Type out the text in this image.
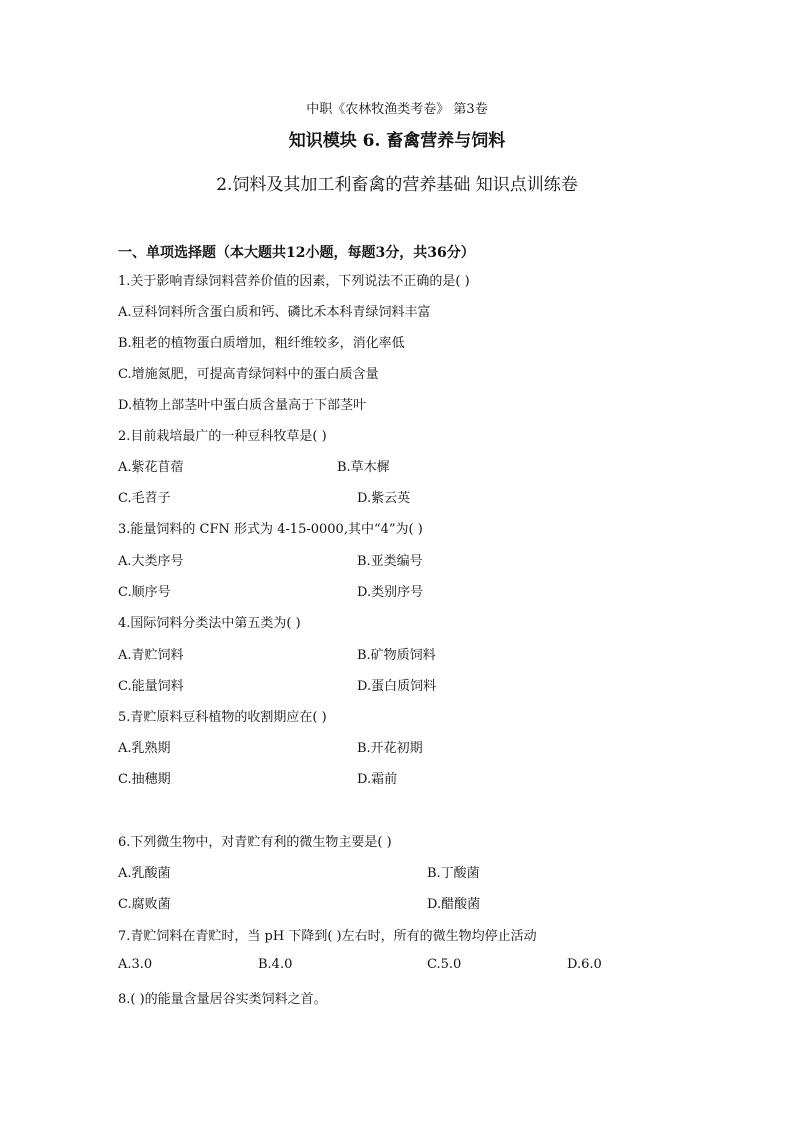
中职《农林牧渔类考卷》 第3卷
知识模块 6. 畜禽营养与饲料
2.饲料及其加工利畜禽的营养基础 知识点训练卷
一、单项选择题（本大题共12小题，每题3分，共36分）
1.关于影响青绿饲料营养价值的因素，下列说法不正确的是( )
A.豆科饲料所含蛋白质和钙、磷比禾本科青绿饲料丰富
B.粗老的植物蛋白质增加，粗纤维较多，消化率低
C.增施氮肥，可提高青绿饲料中的蛋白质含量
D.植物上部茎叶中蛋白质含量高于下部茎叶
2.目前栽培最广的一种豆科牧草是( )
A.紫花苜蓿	B.草木樨
C.毛苕子	D.紫云英
3.能量饲料的 CFN 形式为 4-15-0000,其中“4”为( )
A.大类序号	B.亚类编号
C.顺序号	D.类别序号
4.国际饲料分类法中第五类为( )
A.青贮饲料	B.矿物质饲料
C.能量饲料	D.蛋白质饲料
5.青贮原料豆科植物的收割期应在( )
A.乳熟期	B.开花初期
C.抽穗期	D.霜前
6.下列微生物中，对青贮有利的微生物主要是( )
A.乳酸菌	B.丁酸菌
C.腐败菌	D.醋酸菌
7.青贮饲料在青贮时，当 pH 下降到( )左右时，所有的微生物均停止活动
A.3.0	B.4.0	C.5.0	D.6.0
8.( )的能量含量居谷实类饲料之首。
